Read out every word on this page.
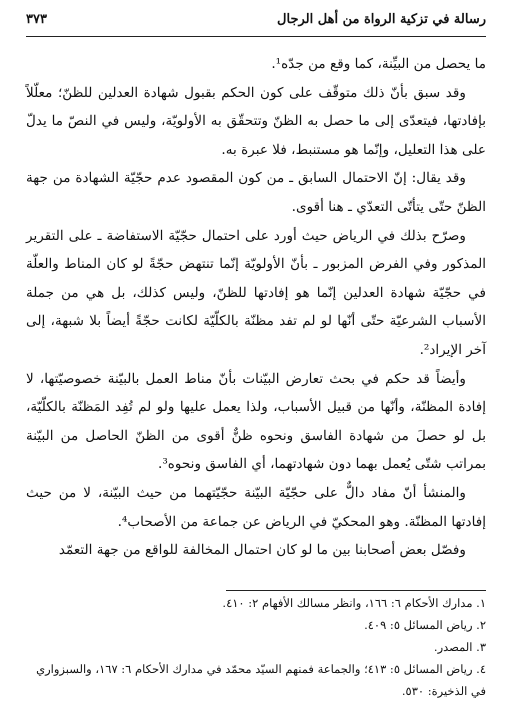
رسالة في تزكية الرواة من أهل الرجال
٣٧٣

ما يحصل من البيِّنة، كما وقع من جدّه¹.

وقد سبق بأنّ ذلك متوقّف على كون الحكم بقبول شهادة العدلين للظنّ؛ معلّلاً بإفادتها، فيتعدّى إلى ما حصل به الظنّ وتتحقّق به الأولويّة، وليس في النصّ ما يدلّ على هذا التعليل، وإنّما هو مستنبط، فلا عبرة به.

وقد يقال: إنّ الاحتمال السابق ـ من كون المقصود عدم حجّيّة الشهادة من جهة الظنّ حتّى يتأتّى التعدّي ـ هنا أقوى.

وصرّح بذلك في الرياض حيث أورد على احتمال حجّيّة الاستفاضة ـ على التقرير المذكور وفي الفرض المزبور ـ بأنّ الأولويّة إنّما تنتهض حجّةً لو كان المناط والعلّة في حجّيّة شهادة العدلين إنّما هو إفادتها للظنّ، وليس كذلك، بل هي من جملة الأسباب الشرعيّة حتّى أنّها لو لم تفد مظنّة بالكلّيّة لكانت حجّةً أيضاً بلا شبهة، إلى آخر الإيراد².

وأيضاً قد حكم في بحث تعارض البيّنات بأنّ مناط العمل بالبيّنة خصوصيّتها، لا إفادة المظنّة، وأنّها من قبيل الأسباب، ولذا يعمل عليها ولو لم تُفِد المَظنّة بالكلّيّة، بل لو حصلَ من شهادة الفاسق ونحوه ظنٌّ أقوى من الظنّ الحاصل من البيّنة بمراتب شتّى يُعمل بهما دون شهادتهما، أي الفاسق ونحوه³.

والمنشأ أنّ مفاد دالٌّ على حجّيّة البيّنة حجّيّتهما من حيث البيّنة، لا من حيث إفادتها المظنّة. وهو المحكيّ في الرياض عن جماعة من الأصحاب⁴.

وفصّل بعض أصحابنا بين ما لو كان احتمال المخالفة للواقع من جهة التعمّد

١. مدارك الأحكام ٦: ١٦٦، وانظر مسالك الأفهام ٢: ٤١٠.
٢. رياض المسائل ٥: ٤٠٩.
٣. المصدر.
٤. رياض المسائل ٥: ٤١٣؛ والجماعة فمنهم السيّد محمّد في مدارك الأحكام ٦: ١٦٧، والسبزواري في الذخيرة: ٥٣٠.
